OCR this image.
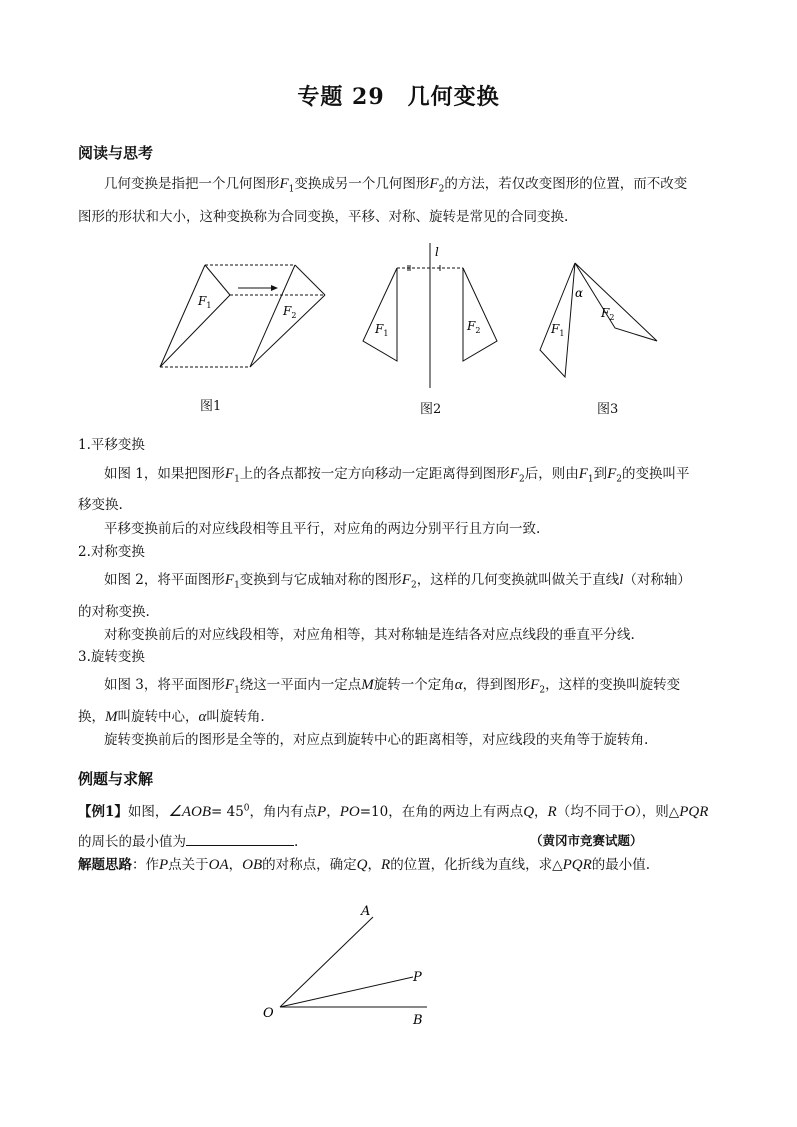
专题 29　几何变换
阅读与思考
几何变换是指把一个几何图形$F_1$变换成另一个几何图形$F_2$的方法，若仅改变图形的位置，而不改变
图形的形状和大小，这种变换称为合同变换，平移、对称、旋转是常见的合同变换.
$F_1$	$F_2$
图1
l
$F_1$
$F_2$
图2
α
$F_1$
$F_2$
图3
1.平移变换
如图 1，如果把图形$F_1$上的各点都按一定方向移动一定距离得到图形$F_2$后，则由$F_1$到$F_2$的变换叫平
移变换.
平移变换前后的对应线段相等且平行，对应角的两边分别平行且方向一致.
2.对称变换
如图 2，将平面图形$F_1$变换到与它成轴对称的图形$F_2$，这样的几何变换就叫做关于直线l（对称轴）
的对称变换.
对称变换前后的对应线段相等，对应角相等，其对称轴是连结各对应点线段的垂直平分线.
3.旋转变换
如图 3，将平面图形$F_1$绕这一平面内一定点M旋转一个定角α，得到图形$F_2$，这样的变换叫旋转变
换，M叫旋转中心，α叫旋转角.
旋转变换前后的图形是全等的，对应点到旋转中心的距离相等，对应线段的夹角等于旋转角.
例题与求解
【例1】如图，∠AOB= $45^0$，角内有点P，PO=10，在角的两边上有两点Q，R（均不同于O），则△PQR
的周长的最小值为	.	（黄冈市竞赛试题）
解题思路：作P点关于OA，OB的对称点，确定Q，R的位置，化折线为直线，求△PQR的最小值.
A
P
O	B
